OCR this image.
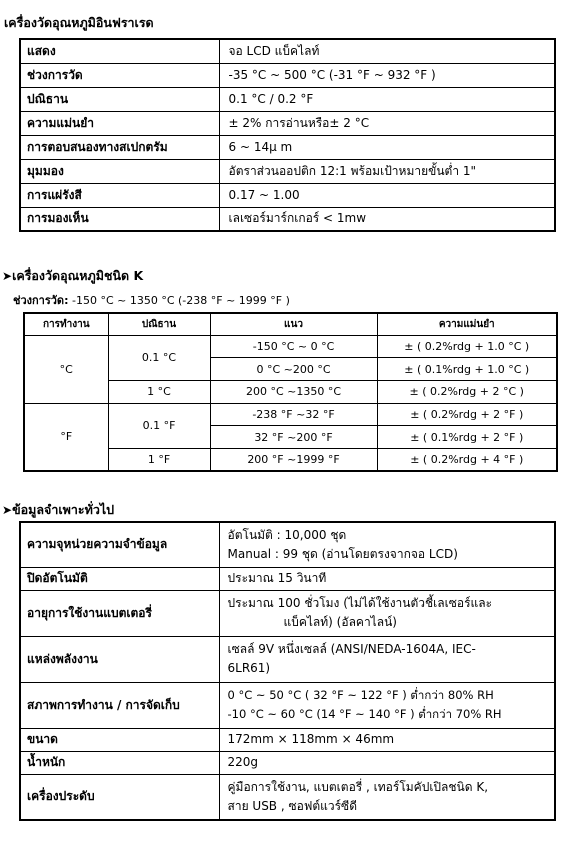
เครื่องวัดอุณหภูมิอินฟราเรด
แสดง	จอ LCD แบ็คไลท์
ช่วงการวัด	-35 °C ~ 500 °C (-31 °F ~ 932 °F )
ปณิธาน	0.1 °C / 0.2 °F
ความแม่นยำ	± 2% การอ่านหรือ± 2 °C
การตอบสนองทางสเปกตรัม	6 ~ 14μ m
มุมมอง	อัตราส่วนออปติก 12:1 พร้อมเป้าหมายขั้นต่ำ 1"
การแผ่รังสี	0.17 ~ 1.00
การมองเห็น	เลเซอร์มาร์กเกอร์ < 1mw
➤เครื่องวัดอุณหภูมิชนิด K
ช่วงการวัด: -150 °C ~ 1350 °C (-238 °F ~ 1999 °F )
การทำงาน	ปณิธาน	แนว	ความแม่นยำ
°C	0.1 °C	-150 °C ~ 0 °C	± ( 0.2%rdg + 1.0 °C )
		0 °C ~200 °C	± ( 0.1%rdg + 1.0 °C )
	1 °C	200 °C ~1350 °C	± ( 0.2%rdg + 2 °C )
°F	0.1 °F	-238 °F ~32 °F	± ( 0.2%rdg + 2 °F )
		32 °F ~200 °F	± ( 0.1%rdg + 2 °F )
	1 °F	200 °F ~1999 °F	± ( 0.2%rdg + 4 °F )
➤ข้อมูลจำเพาะทั่วไป
ความจุหน่วยความจำข้อมูล	อัตโนมัติ : 10,000 ชุด
Manual : 99 ชุด (อ่านโดยตรงจากจอ LCD)

ปิดอัตโนมัติ	ประมาณ 15 วินาที

อายุการใช้งานแบตเตอรี่	ประมาณ 100 ชั่วโมง (ไม่ได้ใช้งานตัวชี้เลเซอร์และ
แบ็คไลท์) (อัลคาไลน์)

แหล่งพลังงาน	เซลล์ 9V หนึ่งเซลล์ (ANSI/NEDA-1604A, IEC-
6LR61)

สภาพการทำงาน / การจัดเก็บ	0 °C ~ 50 °C ( 32 °F ~ 122 °F ) ต่ำกว่า 80% RH
-10 °C ~ 60 °C (14 °F ~ 140 °F ) ต่ำกว่า 70% RH

ขนาด	172mm × 118mm × 46mm

น้ำหนัก	220g

เครื่องประดับ	คู่มือการใช้งาน, แบตเตอรี่ , เทอร์โมคัปเปิลชนิด K,
สาย USB , ซอฟต์แวร์ซีดี
